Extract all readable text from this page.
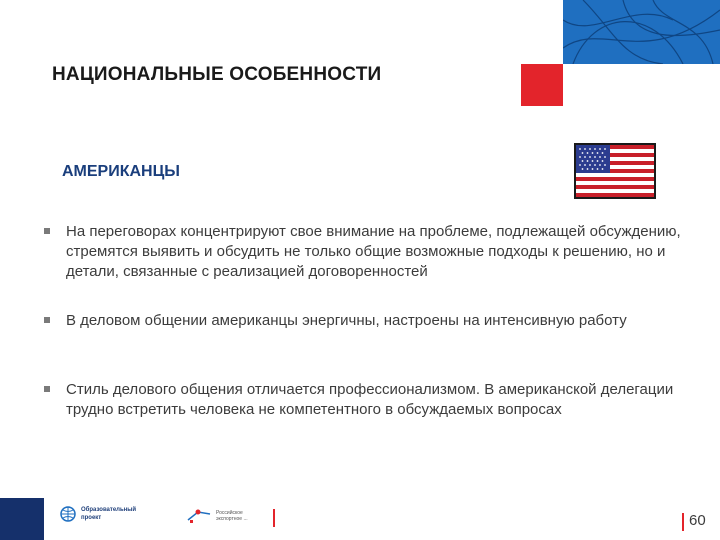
НАЦИОНАЛЬНЫЕ ОСОБЕННОСТИ
АМЕРИКАНЦЫ
На переговорах концентрируют свое внимание на проблеме, подлежащей обсуждению, стремятся выявить и обсудить не только общие возможные подходы к решению, но и детали, связанные с реализацией договоренностей
В деловом общении американцы энергичны, настроены на интенсивную работу
Стиль делового общения отличается профессионализмом. В американской делегации трудно встретить человека не компетентного в обсуждаемых вопросах
Образовательный проект
Российское экспортное ...	60
